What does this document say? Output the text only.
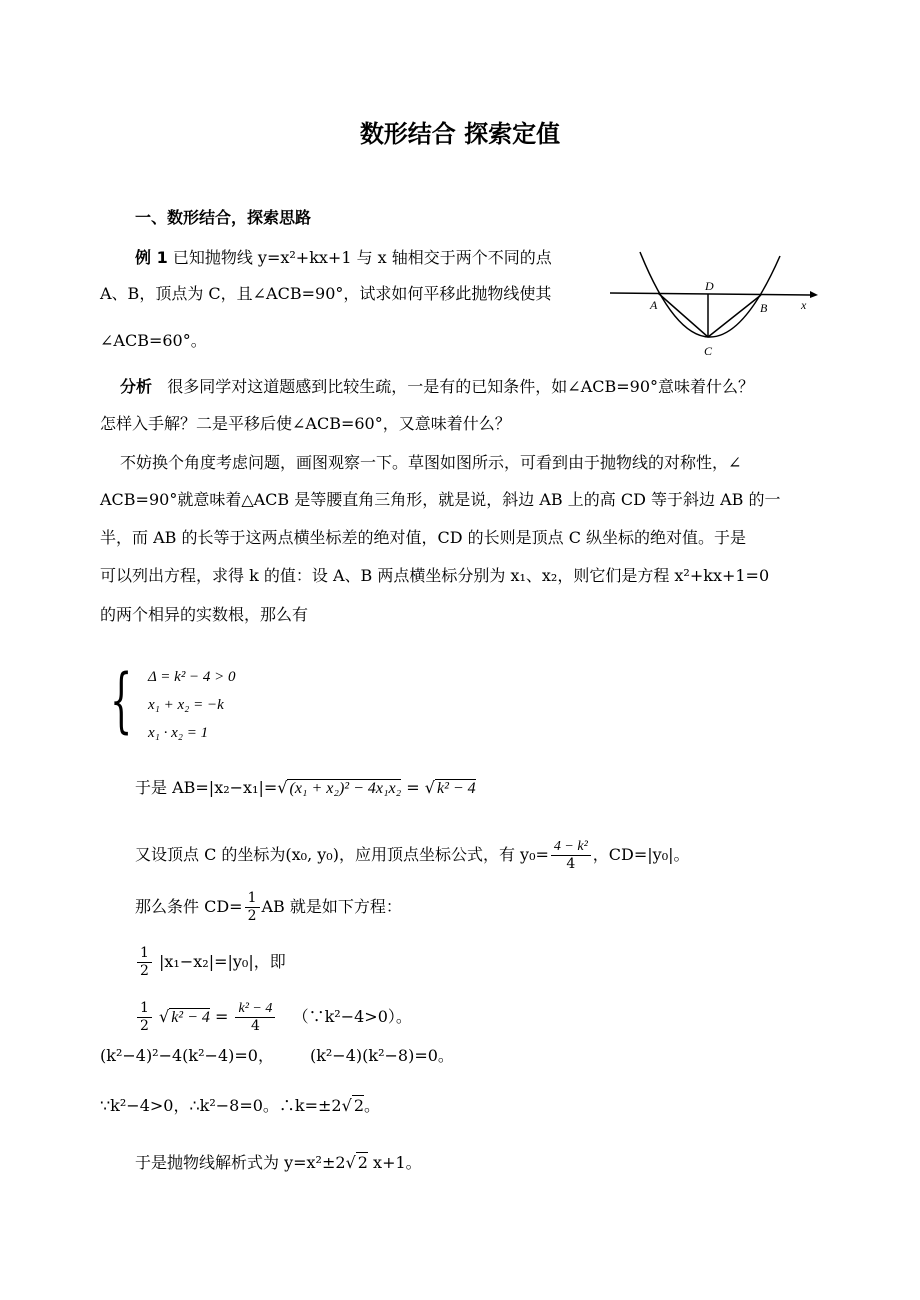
数形结合 探索定值
一、数形结合，探索思路
例 1 已知抛物线 y=x²+kx+1 与 x 轴相交于两个不同的点
A、B，顶点为 C，且∠ACB=90°，试求如何平移此抛物线使其
∠ACB=60°。
A	B
C
D
x
分析 很多同学对这道题感到比较生疏，一是有的已知条件，如∠ACB=90°意味着什么？
怎样入手解？二是平移后使∠ACB=60°，又意味着什么？
不妨换个角度考虑问题，画图观察一下。草图如图所示，可看到由于抛物线的对称性，∠
ACB=90°就意味着△ACB 是等腰直角三角形，就是说，斜边 AB 上的高 CD 等于斜边 AB 的一
半，而 AB 的长等于这两点横坐标差的绝对值，CD 的长则是顶点 C 纵坐标的绝对值。于是
可以列出方程，求得 k 的值：设 A、B 两点横坐标分别为 x₁、x₂，则它们是方程 x²+kx+1=0
的两个相异的实数根，那么有
{ Δ = k² − 4 > 0
x₁ + x₂ = −k
x₁ · x₂ = 1
于是 AB=|x₂−x₁|=√ (x₁ + x₂)² − 4x₁x₂ = √ k² − 4
又设顶点 C 的坐标为(x₀, y₀)，应用顶点坐标公式，有 $y_0= \frac{\text{4 − k²}}{4}$ ，CD=|y₀|。
那么条件 $CD= \frac{1}{2}$ AB 就是如下方程：
$\frac{1}{2} |x_1-x_2|=|y_0|$，即
$\frac{1}{2}$ √ $k^2 - 4 = \frac{\text{k² − 4}}{4}$ （∵k²−4>0）。
(k²−4)²−4(k²−4)=0， (k²−4)(k²−8)=0。
∵k²−4>0，∴k²−8=0。∴k=±2√ 2。
于是抛物线解析式为 y=x²±2√ 2 x+1。
